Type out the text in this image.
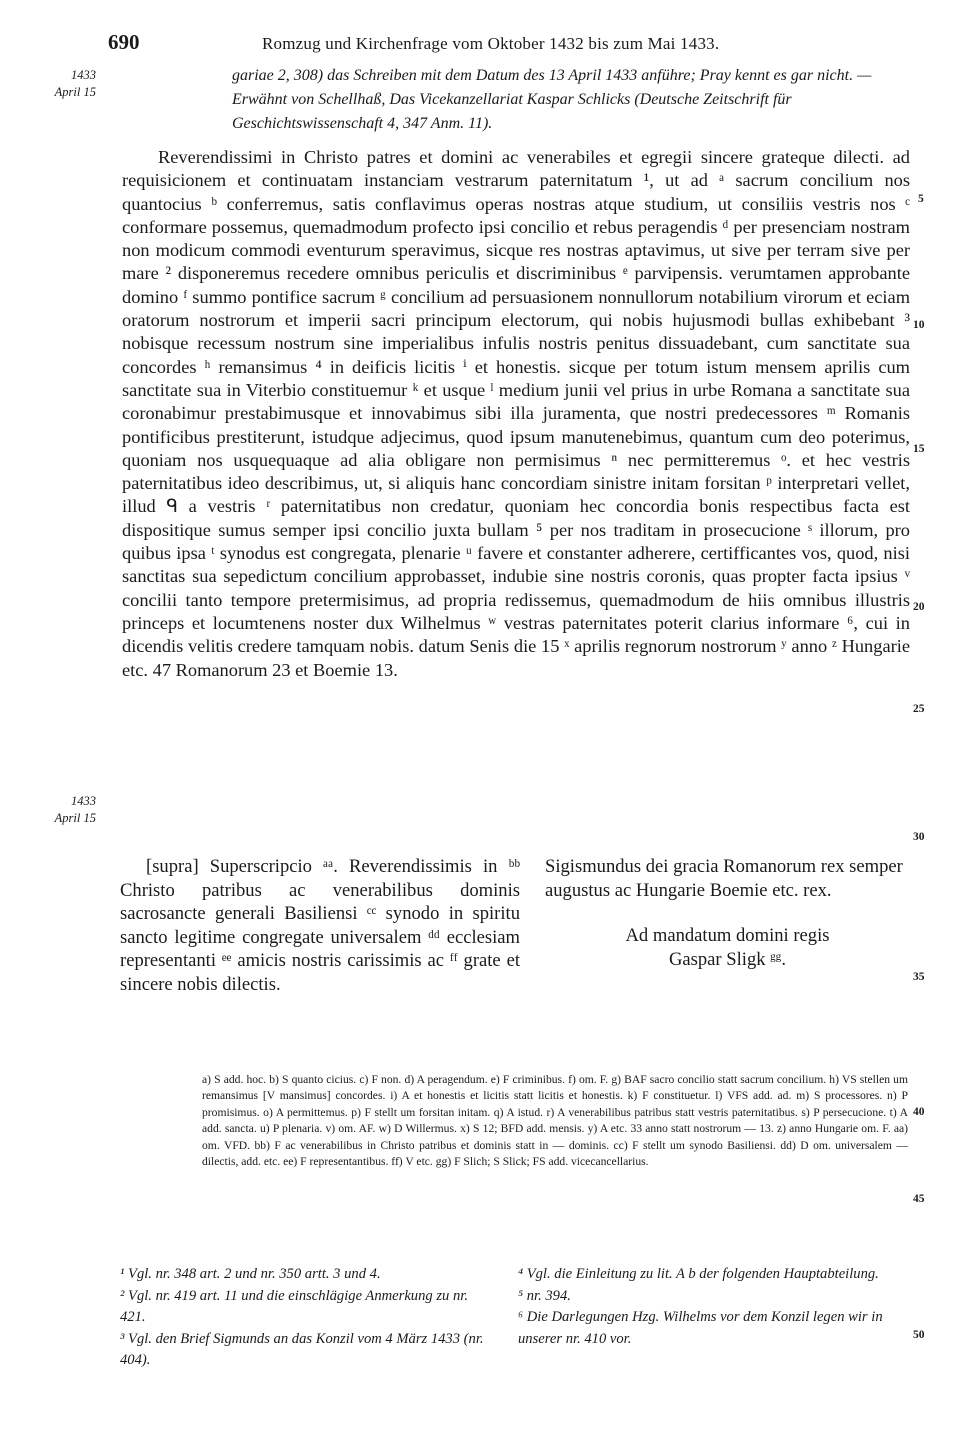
690	Romzug und Kirchenfrage vom Oktober 1432 bis zum Mai 1433.
1433
April 15
gariae 2, 308) das Schreiben mit dem Datum des 13 April 1433 anführe; Pray kennt es gar nicht. — Erwähnt von Schellhaß, Das Vicekanzellariat Kaspar Schlicks (Deutsche Zeitschrift für Geschichtswissenschaft 4, 347 Anm. 11).

Reverendissimi in Christo patres et domini ac venerabiles et egregii sincere grateque dilecti. ad requisicionem et continuatam instanciam vestrarum paternitatum ¹, ut ad ᵃ sacrum concilium nos quantocius ᵇ conferremus, satis conflavimus operas nostras atque studium, ut consiliis vestris nos ᶜ conformare possemus, quemadmodum profecto ipsi concilio et rebus peragendis ᵈ per presenciam nostram non modicum commodi eventurum speravimus, sicque res nostras aptavimus, ut sive per terram sive per mare ² disponeremus recedere omnibus periculis et discriminibus ᵉ parvipensis. verumtamen approbante domino ᶠ summo pontifice sacrum ᵍ concilium ad persuasionem nonnullorum notabilium virorum et eciam oratorum nostrorum et imperii sacri principum electorum, qui nobis hujusmodi bullas exhibebant ³ nobisque recessum nostrum sine imperialibus infulis nostris penitus dissuadebant, cum sanctitate sua concordes ʰ remansimus ⁴ in deificis licitis ⁱ et honestis. sicque per totum istum mensem aprilis cum sanctitate sua in Viterbio constituemur ᵏ et usque ˡ medium junii vel prius in urbe Romana a sanctitate sua coronabimur prestabimusque et innovabimus sibi illa juramenta, que nostri predecessores ᵐ Romanis pontificibus prestiterunt, istudque adjecimus, quod ipsum manutenebimus, quantum cum deo poterimus, quoniam nos usquequaque ad alia obligare non permisimus ⁿ nec permitteremus ᵒ. et hec vestris paternitatibus ideo describimus, ut, si aliquis hanc concordiam sinistre initam forsitan ᵖ interpretari vellet, illud ᑫ a vestris ʳ paternitatibus non credatur, quoniam hec concordia bonis respectibus facta est dispositique sumus semper ipsi concilio juxta bullam ⁵ per nos traditam in prosecucione ˢ illorum, pro quibus ipsa ᵗ synodus est congregata, plenarie ᵘ favere et constanter adherere, certifficantes vos, quod, nisi sanctitas sua sepedictum concilium approbasset, indubie sine nostris coronis, quas propter facta ipsius ᵛ concilii tanto tempore pretermisimus, ad propria redissemus, quemadmodum de hiis omnibus illustris princeps et locumtenens noster dux Wilhelmus ʷ vestras paternitates poterit clarius informare ⁶, cui in dicendis velitis credere tamquam nobis. datum Senis die 15 ˣ aprilis regnorum nostrorum ʸ anno ᶻ Hungarie etc. 47 Romanorum 23 et Boemie 13.

1433
April 15
5
10
15
20
25
30
35
40
45
50
[supra] Superscripcio ᵃᵃ. Reverendissimis in ᵇᵇ Christo patribus ac venerabilibus dominis sacrosancte generali Basiliensi ᶜᶜ synodo in spiritu sancto legitime congregate universalem ᵈᵈ ecclesiam representanti ᵉᵉ amicis nostris carissimis ac ᶠᶠ grate et sincere nobis dilectis.
Sigismundus dei gracia Romanorum rex semper augustus ac Hungarie Boemie etc. rex.
Ad mandatum domini regis
Gaspar Sligk ᵍᵍ.
a) S add. hoc. b) S quanto cicius. c) F non. d) A peragendum. e) F criminibus. f) om. F. g) BAF sacro concilio statt sacrum concilium. h) VS stellen um remansimus [V mansimus] concordes. i) A et honestis et licitis statt licitis et honestis. k) F constituetur. l) VFS add. ad. m) S processores. n) P promisimus. o) A permittemus. p) F stellt um forsitan initam. q) A istud. r) A venerabilibus patribus statt vestris paternitatibus. s) P persecucione. t) A add. sancta. u) P plenaria. v) om. AF. w) D Willermus. x) S 12; BFD add. mensis. y) A etc. 33 anno statt nostrorum — 13. z) anno Hungarie om. F. aa) om. VFD. bb) F ac venerabilibus in Christo patribus et dominis statt in — dominis. cc) F stellt um synodo Basiliensi. dd) D om. universalem — dilectis, add. etc. ee) F representantibus. ff) V etc. gg) F Slich; S Slick; FS add. vicecancellarius.
¹ Vgl. nr. 348 art. 2 und nr. 350 artt. 3 und 4.
² Vgl. nr. 419 art. 11 und die einschlägige Anmerkung zu nr. 421.
³ Vgl. den Brief Sigmunds an das Konzil vom 4 März 1433 (nr. 404).
⁴ Vgl. die Einleitung zu lit. A b der folgenden Hauptabteilung.
⁵ nr. 394.
⁶ Die Darlegungen Hzg. Wilhelms vor dem Konzil legen wir in unserer nr. 410 vor.
